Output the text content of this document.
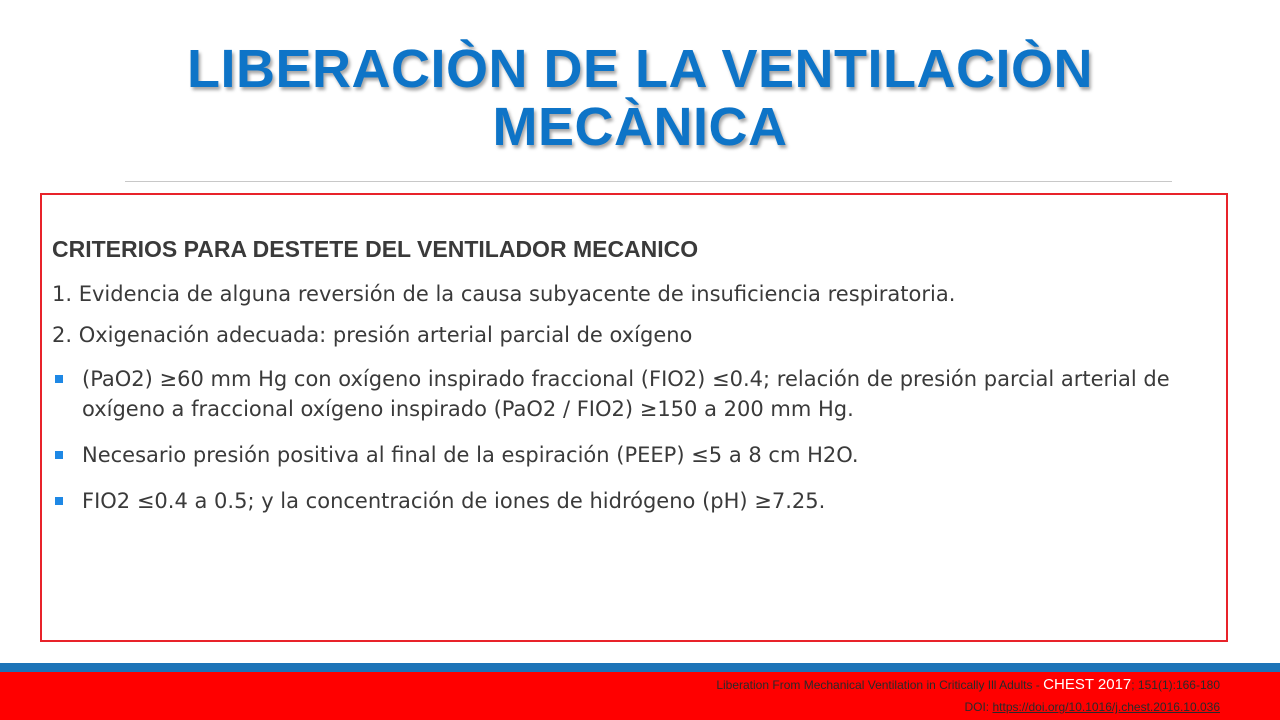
LIBERACIÒN DE LA VENTILACIÒN MECÀNICA

CRITERIOS PARA DESTETE DEL VENTILADOR MECANICO

1. Evidencia de alguna reversión de la causa subyacente de insuficiencia respiratoria.

2. Oxigenación adecuada: presión arterial parcial de oxígeno

(PaO2) ≥60 mm Hg con oxígeno inspirado fraccional (FIO2) ≤0.4; relación de presión parcial arterial de oxígeno a fraccional oxígeno inspirado (PaO2 / FIO2) ≥150 a 200 mm Hg.
Necesario presión positiva al final de la espiración (PEEP) ≤5 a 8 cm H2O.
FIO2 ≤0.4 a 0.5; y la concentración de iones de hidrógeno (pH) ≥7.25.
Liberation From Mechanical Ventilation in Critically Ill Adults - CHEST 2017; 151(1):166-180
DOI: https://doi.org/10.1016/j.chest.2016.10.036
